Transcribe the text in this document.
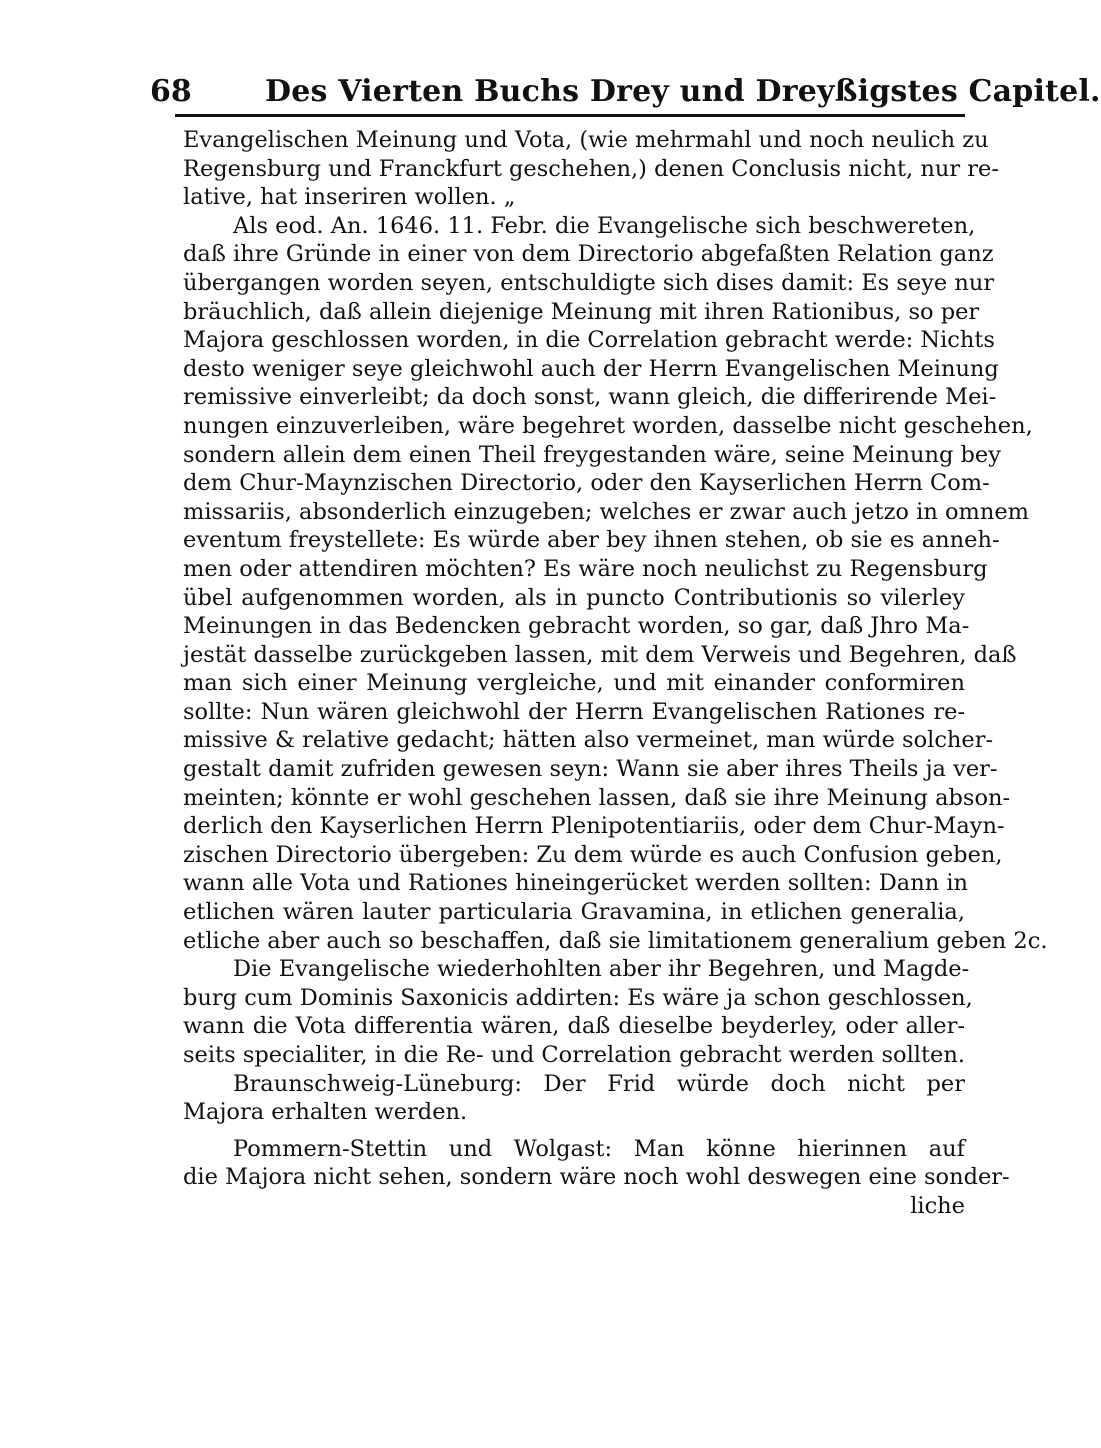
68 Des Vierten Buchs Drey und Dreyßigstes Capitel.
Evangelischen Meinung und Vota, (wie mehrmahl und noch neulich zu
Regensburg und Franckfurt geschehen,) denen Conclusis nicht, nur re-
lative, hat inseriren wollen. „
Als eod. An. 1646. 11. Febr. die Evangelische sich beschwereten,
daß ihre Gründe in einer von dem Directorio abgefaßten Relation ganz
übergangen worden seyen, entschuldigte sich dises damit: Es seye nur
bräuchlich, daß allein diejenige Meinung mit ihren Rationibus, so per
Majora geschlossen worden, in die Correlation gebracht werde: Nichts
desto weniger seye gleichwohl auch der Herrn Evangelischen Meinung
remissive einverleibt; da doch sonst, wann gleich, die differirende Mei-
nungen einzuverleiben, wäre begehret worden, dasselbe nicht geschehen,
sondern allein dem einen Theil freygestanden wäre, seine Meinung bey
dem Chur-Maynzischen Directorio, oder den Kayserlichen Herrn Com-
missariis, absonderlich einzugeben; welches er zwar auch jetzo in omnem
eventum freystellete: Es würde aber bey ihnen stehen, ob sie es anneh-
men oder attendiren möchten? Es wäre noch neulichst zu Regensburg
übel aufgenommen worden, als in puncto Contributionis so vilerley
Meinungen in das Bedencken gebracht worden, so gar, daß Jhro Ma-
jestät dasselbe zurückgeben lassen, mit dem Verweis und Begehren, daß
man sich einer Meinung vergleiche, und mit einander conformiren
sollte: Nun wären gleichwohl der Herrn Evangelischen Rationes re-
missive & relative gedacht; hätten also vermeinet, man würde solcher-
gestalt damit zufriden gewesen seyn: Wann sie aber ihres Theils ja ver-
meinten; könnte er wohl geschehen lassen, daß sie ihre Meinung abson-
derlich den Kayserlichen Herrn Plenipotentiariis, oder dem Chur-Mayn-
zischen Directorio übergeben: Zu dem würde es auch Confusion geben,
wann alle Vota und Rationes hineingerücket werden sollten: Dann in
etlichen wären lauter particularia Gravamina, in etlichen generalia,
etliche aber auch so beschaffen, daß sie limitationem generalium geben 2c.
Die Evangelische wiederhohlten aber ihr Begehren, und Magde-
burg cum Dominis Saxonicis addirten: Es wäre ja schon geschlossen,
wann die Vota differentia wären, daß dieselbe beyderley, oder aller-
seits specialiter, in die Re- und Correlation gebracht werden sollten.
Braunschweig-Lüneburg: Der Frid würde doch nicht per
Majora erhalten werden.
Pommern-Stettin und Wolgast: Man könne hierinnen auf
die Majora nicht sehen, sondern wäre noch wohl deswegen eine sonder-
liche
